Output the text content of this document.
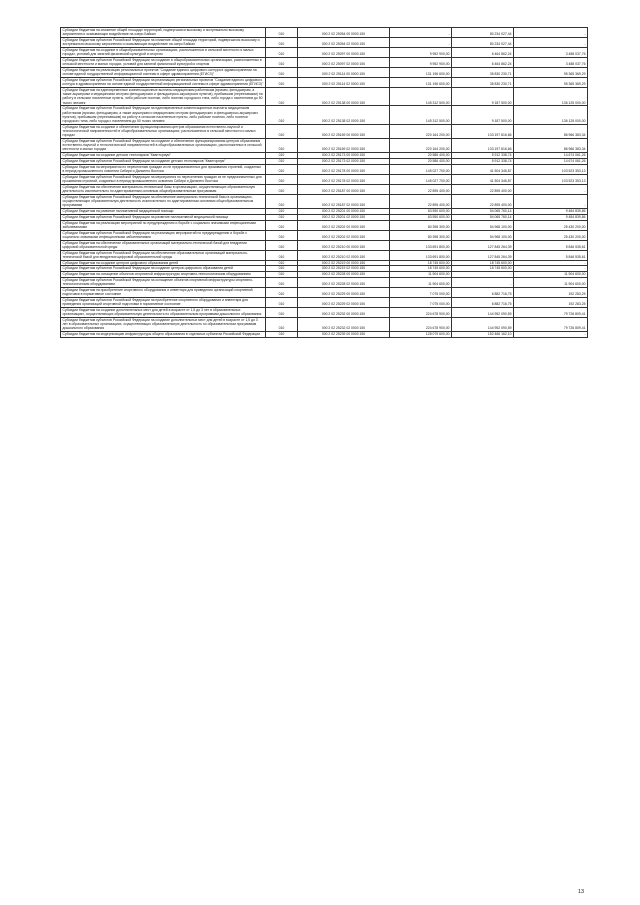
Субсидии бюджетам на снижение общей площади территорий, подвергшихся высокому и экстремально высокому загрязнению и оказывающих воздействие на озеро Байкал	010	000 2 02 25054 00 0000 150	-	80 234 027,44	-
Субсидии бюджетам субъектов Российской Федерации на снижение общей площади территорий, подвергшихся высокому и экстремально высокому загрязнению и оказывающих воздействие на озеро Байкал	010	000 2 02 25054 02 0000 150	-	80 234 027,44	-
Субсидии бюджетам на создание в общеобразовательных организациях, расположенных в сельской местности и малых городах, условий для занятий физической культурой и спортом	010	000 2 02 25097 00 0000 150	9 952 900,00	6 464 862,24	3 488 037,76
Субсидии бюджетам субъектов Российской Федерации на создание в общеобразовательных организациях, расположенных в сельской местности и малых городах, условий для занятий физической культурой и спортом	010	000 2 02 25097 02 0000 150	9 952 900,00	6 464 862,24	3 488 037,76
Субсидии бюджетам на реализацию региональных проектов "Создание единого цифрового контура в здравоохранении на основе единой государственной информационной системы в сфере здравоохранения (ЕГИСЗ)"	010	000 2 02 25114 00 0000 150	131 196 600,00	35 830 230,71	95 365 369,29
Субсидии бюджетам субъектов Российской Федерации на реализацию региональных проектов "Создание единого цифрового контура в здравоохранении на основе единой государственной информационной системы в сфере здравоохранения (ЕГИСЗ)"	010	000 2 02 25114 02 0000 150	131 196 600,00	35 830 230,71	95 365 369,29
Субсидии бюджетам на единовременные компенсационные выплаты медицинским работникам (врачам, фельдшерам, а также акушеркам и медицинским сестрам фельдшерских и фельдшерско-акушерских пунктов), прибывшим (переехавшим) на работу в сельские населенные пункты, либо рабочие поселки, либо поселки городского типа, либо города с населением до 50 тысяч человек	010	000 2 02 25138 00 0000 150	145 312 500,00	9 187 500,00	136 125 000,00
Субсидии бюджетам субъектов Российской Федерации на единовременные компенсационные выплаты медицинским работникам (врачам, фельдшерам, а также акушеркам и медицинским сестрам фельдшерских и фельдшерско-акушерских пунктов), прибывшим (переехавшим) на работу в сельские населенные пункты, либо рабочие поселки, либо поселки городского типа, либо города с населением до 50 тысяч человек	010	000 2 02 25138 02 0000 150	145 312 500,00	9 187 500,00	136 125 000,00
Субсидии бюджетам на создание и обеспечение функционирования центров образования естественно-научной и технологической направленностей в общеобразовательных организациях, расположенных в сельской местности и малых городах	010	000 2 02 25169 00 0000 150	220 164 200,00	133 197 816,66	86 966 383,34
Субсидии бюджетам субъектов Российской Федерации на создание и обеспечение функционирования центров образования естественно-научной и технологической направленностей в общеобразовательных организациях, расположенных в сельской местности и малых городах	010	000 2 02 25169 02 0000 150	220 164 200,00	133 197 816,66	86 966 383,34
Субсидии бюджетам на создание детских технопарков "Кванториум"	010	000 2 02 25173 00 0000 150	20 586 400,00	5 912 338,74	14 674 061,26
Субсидии бюджетам субъектов Российской Федерации на создание детских технопарков "Кванториум"	010	000 2 02 25173 02 0000 150	20 586 400,00	5 912 338,74	14 674 061,26
Субсидии бюджетам на мероприятия по переселению граждан из не предназначенных для проживания строений, созданных в период промышленного освоения Сибири и Дальнего Востока	010	000 2 02 25178 00 0000 150	145 027 700,00	41 504 346,87	103 523 353,13
Субсидии бюджетам субъектов Российской Федерации на мероприятия по переселению граждан из не предназначенных для проживания строений, созданных в период промышленного освоения Сибири и Дальнего Востока	010	000 2 02 25178 02 0000 150	145 027 700,00	41 504 346,87	103 523 353,13
Субсидии бюджетам на обеспечение материально-технической базы в организациях, осуществляющих образовательную деятельность исключительно по адаптированным основным общеобразовательным программам	010	000 2 02 25187 00 0000 150	22 895 400,00	22 895 400,00	-
Субсидии бюджетам субъектов Российской Федерации на обеспечение материально-технической базы в организациях, осуществляющих образовательную деятельность исключительно по адаптированным основным общеобразовательным программам	010	000 2 02 25187 02 0000 150	22 895 400,00	22 895 400,00	-
Субсидии бюджетам на развитие паллиативной медицинской помощи	010	000 2 02 25201 00 0000 150	63 550 600,00	54 065 760,14	9 484 839,86
Субсидии бюджетам субъектов Российской Федерации на развитие паллиативной медицинской помощи	010	000 2 02 25201 02 0000 150	63 550 600,00	54 065 760,14	9 484 839,86
Субсидии бюджетам на реализацию мероприятий по предупреждению и борьбе с социально значимыми инфекционными заболеваниями	010	000 2 02 25202 00 0000 150	80 398 300,00	54 968 100,00	25 430 200,00
Субсидии бюджетам субъектов Российской Федерации на реализацию мероприятий по предупреждению и борьбе с социально значимыми инфекционными заболеваниями	010	000 2 02 25202 02 0000 150	80 398 300,00	54 968 100,00	25 430 200,00
Субсидии бюджетам на обеспечение образовательных организаций материально-технической базой для внедрения цифровой образовательной среды	010	000 2 02 25210 00 0000 150	133 691 800,00	127 845 264,39	5 846 535,61
Субсидии бюджетам субъектов Российской Федерации на обеспечение образовательных организаций материально-технической базой для внедрения цифровой образовательной среды	010	000 2 02 25210 02 0000 150	133 691 800,00	127 845 264,39	5 846 535,61
Субсидии бюджетам на создание центров цифрового образования детей	010	000 2 02 25219 00 0000 150	18 745 600,00	18 745 600,00	-
Субсидии бюджетам субъектов Российской Федерации на создание центров цифрового образования детей	010	000 2 02 25219 02 0000 150	18 745 600,00	18 745 600,00	-
Субсидии бюджетам на оснащение объектов спортивной инфраструктуры спортивно-технологическим оборудованием	010	000 2 02 25228 00 0000 150	11 904 600,00	-	11 904 600,00
Субсидии бюджетам субъектов Российской Федерации на оснащение объектов спортивной инфраструктуры спортивно-технологическим оборудованием	010	000 2 02 25228 02 0000 150	11 904 600,00	-	11 904 600,00
Субсидии бюджетам на приобретение спортивного оборудования и инвентаря для приведения организаций спортивной подготовки в нормативное состояние	010	000 2 02 25229 00 0000 150	7 075 000,00	6 882 716,75	192 283,25
Субсидии бюджетам субъектов Российской Федерации на приобретение спортивного оборудования и инвентаря для приведения организаций спортивной подготовки в нормативное состояние	010	000 2 02 25229 02 0000 150	7 075 000,00	6 882 716,75	192 283,25
Субсидии бюджетам на создание дополнительных мест для детей в возрасте от 1,5 до 3 лет в образовательных организациях, осуществляющих образовательную деятельность по образовательным программам дошкольного образования	010	000 2 02 25232 00 0000 150	224 678 900,00	144 952 090,59	79 726 809,41
Субсидии бюджетам субъектов Российской Федерации на создание дополнительных мест для детей в возрасте от 1,5 до 3 лет в образовательных организациях, осуществляющих образовательную деятельность по образовательным программам дошкольного образования	010	000 2 02 25232 02 0000 150	224 678 900,00	144 952 090,59	79 726 809,41
Субсидии бюджетам на модернизацию инфраструктуры общего образования в отдельных субъектах Российской Федерации	010	000 2 02 25239 00 0000 150	128 079 600,00	152 466 162,10	-
13
